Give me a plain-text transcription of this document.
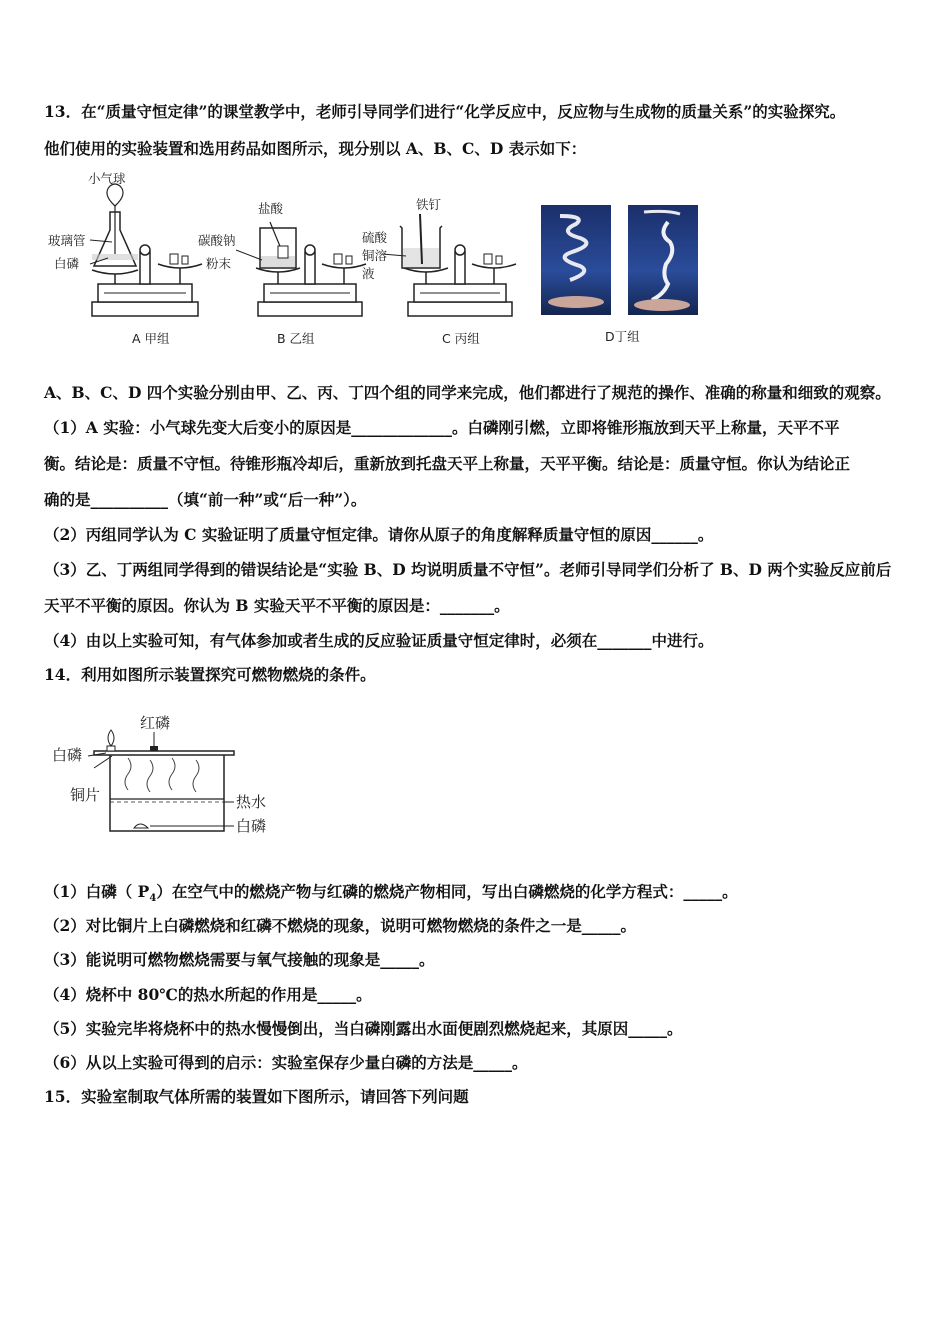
13．在“质量守恒定律”的课堂教学中，老师引导同学们进行“化学反应中，反应物与生成物的质量关系”的实验探究。
他们使用的实验装置和选用药品如图所示，现分别以 A、B、C、D 表示如下：
小气球
玻璃管
白磷
A 甲组
盐酸
碳酸钠
粉末
B 乙组
铁钉
硫酸
铜溶
液
C 丙组	D丁组
A、B、C、D 四个实验分别由甲、乙、丙、丁四个组的同学来完成，他们都进行了规范的操作、准确的称量和细致的观察。
（1）A 实验：小气球先变大后变小的原因是_____________。白磷刚引燃，立即将锥形瓶放到天平上称量，天平不平
衡。结论是：质量不守恒。待锥形瓶冷却后，重新放到托盘天平上称量，天平平衡。结论是：质量守恒。你认为结论正
确的是__________（填“前一种”或“后一种”）。
（2）丙组同学认为 C 实验证明了质量守恒定律。请你从原子的角度解释质量守恒的原因______。
（3）乙、丁两组同学得到的错误结论是“实验 B、D 均说明质量不守恒”。老师引导同学们分析了 B、D 两个实验反应前后
天平不平衡的原因。你认为 B 实验天平不平衡的原因是：_______。
（4）由以上实验可知，有气体参加或者生成的反应验证质量守恒定律时，必须在_______中进行。
14．利用如图所示装置探究可燃物燃烧的条件。
红磷
白磷
铜片	热水
白磷
（1）白磷（ $P_4$）在空气中的燃烧产物与红磷的燃烧产物相同，写出白磷燃烧的化学方程式：_____。
（2）对比铜片上白磷燃烧和红磷不燃烧的现象，说明可燃物燃烧的条件之一是_____。
（3）能说明可燃物燃烧需要与氧气接触的现象是_____。
（4）烧杯中 80℃的热水所起的作用是_____。
（5）实验完毕将烧杯中的热水慢慢倒出，当白磷刚露出水面便剧烈燃烧起来，其原因_____。
（6）从以上实验可得到的启示：实验室保存少量白磷的方法是_____。
15．实验室制取气体所需的装置如下图所示，请回答下列问题
